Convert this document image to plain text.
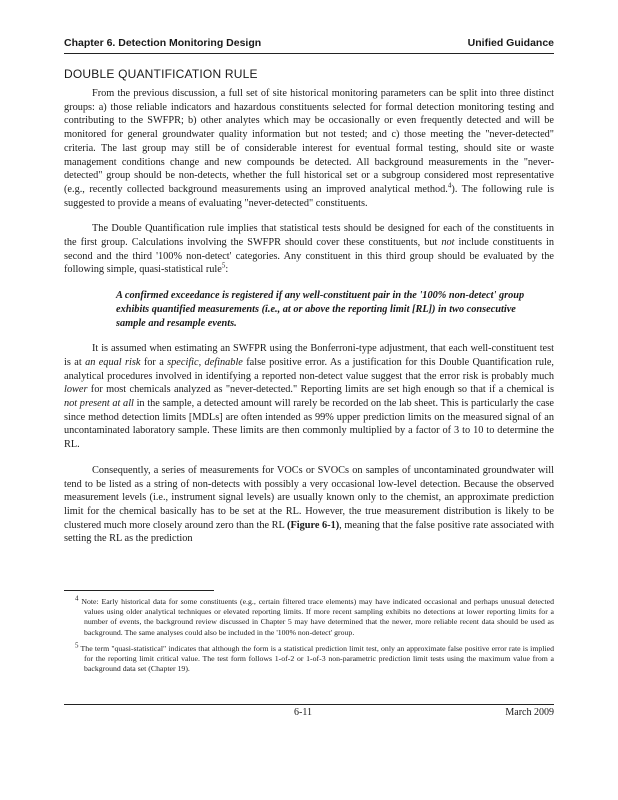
Chapter 6. Detection Monitoring Design	Unified Guidance
DOUBLE QUANTIFICATION RULE

From the previous discussion, a full set of site historical monitoring parameters can be split into three distinct groups: a) those reliable indicators and hazardous constituents selected for formal detection monitoring testing and contributing to the SWFPR; b) other analytes which may be occasionally or even frequently detected and will be monitored for general groundwater quality information but not tested; and c) those meeting the "never-detected" criteria. The last group may still be of considerable interest for eventual formal testing, should site or waste management conditions change and new compounds be detected. All background measurements in the "never-detected" group should be non-detects, whether the full historical set or a subgroup considered most representative (e.g., recently collected background measurements using an improved analytical method.$^4$). The following rule is suggested to provide a means of evaluating "never-detected" constituents.

The Double Quantification rule implies that statistical tests should be designed for each of the constituents in the first group. Calculations involving the SWFPR should cover these constituents, but not include constituents in second and the third '100% non-detect' categories. Any constituent in this third group should be evaluated by the following simple, quasi-statistical rule$^5$:

A confirmed exceedance is registered if any well-constituent pair in the '100% non-detect' group exhibits quantified measurements (i.e., at or above the reporting limit [RL]) in two consecutive sample and resample events.

It is assumed when estimating an SWFPR using the Bonferroni-type adjustment, that each well-constituent test is at an equal risk for a specific, definable false positive error. As a justification for this Double Quantification rule, analytical procedures involved in identifying a reported non-detect value suggest that the error risk is probably much lower for most chemicals analyzed as "never-detected." Reporting limits are set high enough so that if a chemical is not present at all in the sample, a detected amount will rarely be recorded on the lab sheet. This is particularly the case since method detection limits [MDLs] are often intended as 99% upper prediction limits on the measured signal of an uncontaminated laboratory sample. These limits are then commonly multiplied by a factor of 3 to 10 to determine the RL.

Consequently, a series of measurements for VOCs or SVOCs on samples of uncontaminated groundwater will tend to be listed as a string of non-detects with possibly a very occasional low-level detection. Because the observed measurement levels (i.e., instrument signal levels) are usually known only to the chemist, an approximate prediction limit for the chemical basically has to be set at the RL. However, the true measurement distribution is likely to be clustered much more closely around zero than the RL (Figure 6-1), meaning that the false positive rate associated with setting the RL as the prediction

$^4$ Note: Early historical data for some constituents (e.g., certain filtered trace elements) may have indicated occasional and perhaps unusual detected values using older analytical techniques or elevated reporting limits. If more recent sampling exhibits no detections at lower reporting limits for a number of events, the background review discussed in Chapter 5 may have determined that the newer, more reliable recent data should be used as background. The same analyses could also be included in the '100% non-detect' group.
$^5$ The term "quasi-statistical" indicates that although the form is a statistical prediction limit test, only an approximate false positive error rate is implied for the reporting limit critical value. The test form follows 1-of-2 or 1-of-3 non-parametric prediction limit tests using the maximum value from a background data set (Chapter 19).
6-11	March 2009
